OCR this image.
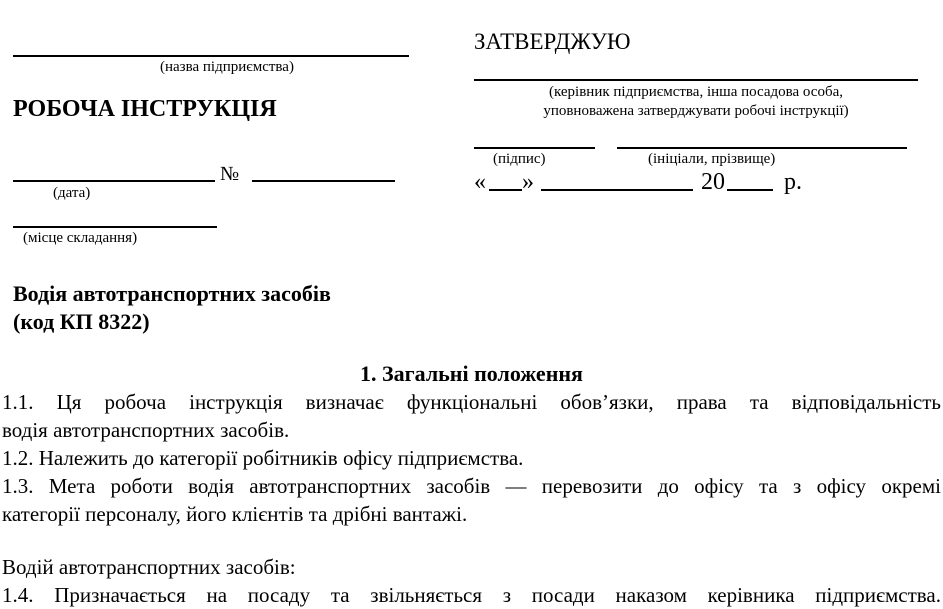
(назва підприємства)
РОБОЧА ІНСТРУКЦІЯ
№
(дата)
(місце складання)
ЗАТВЕРДЖУЮ
(керівник підприємства, інша посадова особа,
уповноважена затверджувати робочі інструкції)
(підпис)	(ініціали, прізвище)
« »	20 р.
Водія автотранспортних засобів
(код КП 8322)
1. Загальні положення
1.1. Ця робоча інструкція визначає функціональні обов’язки, права та відповідальність
водія автотранспортних засобів.
1.2. Належить до категорії робітників офісу підприємства.
1.3. Мета роботи водія автотранспортних засобів — перевозити до офісу та з офісу окремі
категорії персоналу, його клієнтів та дрібні вантажі.
Водій автотранспортних засобів:
1.4. Призначається на посаду та звільняється з посади наказом керівника підприємства.
